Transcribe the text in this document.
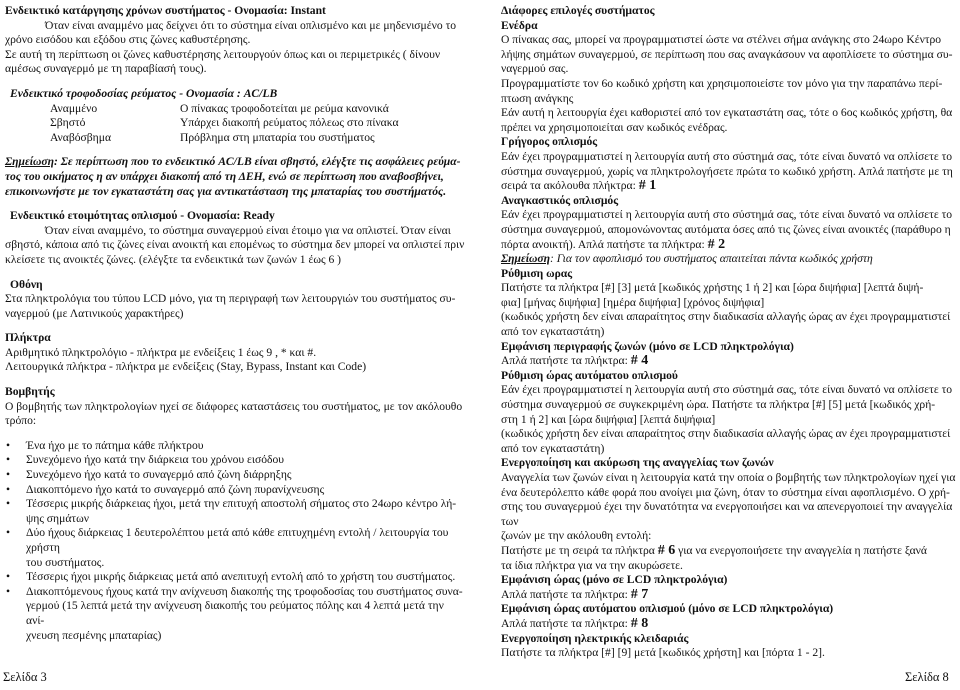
Ενδεικτικό κατάργησης χρόνων συστήματος - Ονομασία: Instant

Όταν είναι αναμμένο μας δείχνει ότι το σύστημα είναι οπλισμένο και με μηδενισμένο το

χρόνο εισόδου και εξόδου στις ζώνες καθυστέρησης.

Σε αυτή τη περίπτωση οι ζώνες καθυστέρησης λειτουργούν όπως και οι περιμετρικές ( δίνουν

αμέσως συναγερμό με τη παραβίασή τους).

Ενδεικτικό τροφοδοσίας ρεύματος - Ονομασία : AC/LB

Αναμμένο	Ο πίνακας τροφοδοτείται με ρεύμα κανονικά
Σβηστό	Υπάρχει διακοπή ρεύματος πόλεως στο πίνακα
Αναβόσβημα	Πρόβλημα στη μπαταρία του συστήματος

Σημείωση: Σε περίπτωση που το ενδεικτικό AC/LB είναι σβηστό, ελέγξτε τις ασφάλειες ρεύμα-

τος του οικήματος η αν υπάρχει διακοπή από τη ΔΕΗ, ενώ σε περίπτωση που αναβοσβήνει,

επικοινωνήστε με τον εγκαταστάτη σας για αντικατάσταση της μπαταρίας του συστήματός.

Ενδεικτικό ετοιμότητας οπλισμού - Ονομασία: Ready

Όταν είναι αναμμένο, το σύστημα συναγερμού είναι έτοιμο για να οπλιστεί. Όταν είναι

σβηστό, κάποια από τις ζώνες είναι ανοικτή και επομένως το σύστημα δεν μπορεί να οπλιστεί πριν

κλείσετε τις ανοικτές ζώνες. (ελέγξτε τα ενδεικτικά των ζωνών 1 έως 6 )

Οθόνη

Στα πληκτρολόγια του τύπου LCD μόνο, για τη περιγραφή των λειτουργιών του συστήματος συ-

ναγερμού (με Λατινικούς χαρακτήρες)

Πλήκτρα

Αριθμητικό πληκτρολόγιο - πλήκτρα με ενδείξεις 1 έως 9 , * και #.

Λειτουργικά πλήκτρα - πλήκτρα με ενδείξεις (Stay, Bypass, Instant και Code)

Βομβητής

Ο βομβητής των πληκτρολογίων ηχεί σε διάφορες καταστάσεις του συστήματος, με τον ακόλουθο

τρόπο:

• Ένα ήχο με το πάτημα κάθε πλήκτρου
• Συνεχόμενο ήχο κατά την διάρκεια του χρόνου εισόδου
• Συνεχόμενο ήχο κατά το συναγερμό από ζώνη διάρρηξης
• Διακοπτόμενο ήχο κατά το συναγερμό από ζώνη πυρανίχνευσης
• Τέσσερις μικρής διάρκειας ήχοι, μετά την επιτυχή αποστολή σήματος στο 24ωρο κέντρο λή-
ψης σημάτων
• Δύο ήχους διάρκειας 1 δευτερολέπτου μετά από κάθε επιτυχημένη εντολή / λειτουργία του χρήστη
του συστήματος.
• Τέσσερις ήχοι μικρής διάρκειας μετά από ανεπιτυχή εντολή από το χρήστη του συστήματος.
• Διακοπτόμενους ήχους κατά την ανίχνευση διακοπής της τροφοδοσίας του συστήματος συνα-
γερμού (15 λεπτά μετά την ανίχνευση διακοπής του ρεύματος πόλης και 4 λεπτά μετά την ανί-
χνευση πεσμένης μπαταρίας)

Διάφορες επιλογές συστήματος

Ενέδρα

Ο πίνακας σας, μπορεί να προγραμματιστεί ώστε να στέλνει σήμα ανάγκης στο 24ωρο Κέντρο

λήψης σημάτων συναγερμού, σε περίπτωση που σας αναγκάσουν να αφοπλίσετε το σύστημα συ-

ναγερμού σας.

Προγραμματίστε τον 6ο κωδικό χρήστη και χρησιμοποιείστε τον μόνο για την παραπάνω περί-

πτωση ανάγκης

Εάν αυτή η λειτουργία έχει καθοριστεί από τον εγκαταστάτη σας, τότε ο 6ος κωδικός χρήστη, θα

πρέπει να χρησιμοποιείται σαν κωδικός ενέδρας.

Γρήγορος οπλισμός

Εάν έχει προγραμματιστεί η λειτουργία αυτή στο σύστημά σας, τότε είναι δυνατό να οπλίσετε το

σύστημα συναγερμού, χωρίς να πληκτρολογήσετε πρώτα το κωδικό χρήστη. Απλά πατήστε με τη

σειρά τα ακόλουθα πλήκτρα: # 1

Αναγκαστικός οπλισμός

Εάν έχει προγραμματιστεί η λειτουργία αυτή στο σύστημά σας, τότε είναι δυνατό να οπλίσετε το

σύστημα συναγερμού, απομονώνοντας αυτόματα όσες από τις ζώνες είναι ανοικτές (παράθυρο η

πόρτα ανοικτή). Απλά πατήστε τα πλήκτρα: # 2

Σημείωση: Για τον αφοπλισμό του συστήματος απαιτείται πάντα κωδικός χρήστη

Ρύθμιση ωρας

Πατήστε τα πλήκτρα [#] [3] μετά [κωδικός χρήστης 1 ή 2] και [ώρα διψήφια] [λεπτά διψή-

φια] [μήνας διψήφια] [ημέρα διψήφια] [χρόνος διψήφια]

(κωδικός χρήστη δεν είναι απαραίτητος στην διαδικασία αλλαγής ώρας αν έχει προγραμματιστεί

από τον εγκαταστάτη)

Εμφάνιση περιγραφής ζωνών (μόνο σε LCD πληκτρολόγια)

Απλά πατήστε τα πλήκτρα: # 4

Ρύθμιση ώρας αυτόματου οπλισμού

Εάν έχει προγραμματιστεί η λειτουργία αυτή στο σύστημά σας, τότε είναι δυνατό να οπλίσετε το

σύστημα συναγερμού σε συγκεκριμένη ώρα. Πατήστε τα πλήκτρα [#] [5] μετά [κωδικός χρή-

στη 1 ή 2] και [ώρα διψήφια] [λεπτά διψήφια]

(κωδικός χρήστη δεν είναι απαραίτητος στην διαδικασία αλλαγής ώρας αν έχει προγραμματιστεί

από τον εγκαταστάτη)

Ενεργοποίηση και ακύρωση της αναγγελίας των ζωνών

Αναγγελία των ζωνών είναι η λειτουργία κατά την οποία ο βομβητής των πληκτρολογίων ηχεί για

ένα δευτερόλεπτο κάθε φορά που ανοίγει μια ζώνη, όταν το σύστημα είναι αφοπλισμένο. Ο χρή-

στης του συναγερμού έχει την δυνατότητα να ενεργοποιήσει και να απενεργοποιεί την αναγγελία των

ζωνών με την ακόλουθη εντολή:

Πατήστε με τη σειρά τα πλήκτρα # 6 για να ενεργοποιήσετε την αναγγελία η πατήστε ξανά

τα ίδια πλήκτρα για να την ακυρώσετε.

Εμφάνιση ώρας (μόνο σε LCD πληκτρολόγια)

Απλά πατήστε τα πλήκτρα: # 7

Εμφάνιση ώρας αυτόματου οπλισμού (μόνο σε LCD πληκτρολόγια)

Απλά πατήστε τα πλήκτρα: # 8

Ενεργοποίηση ηλεκτρικής κλειδαριάς

Πατήστε τα πλήκτρα [#] [9] μετά [κωδικός χρήστη] και [πόρτα 1 - 2].

Σελίδα 3	Σελίδα 8
